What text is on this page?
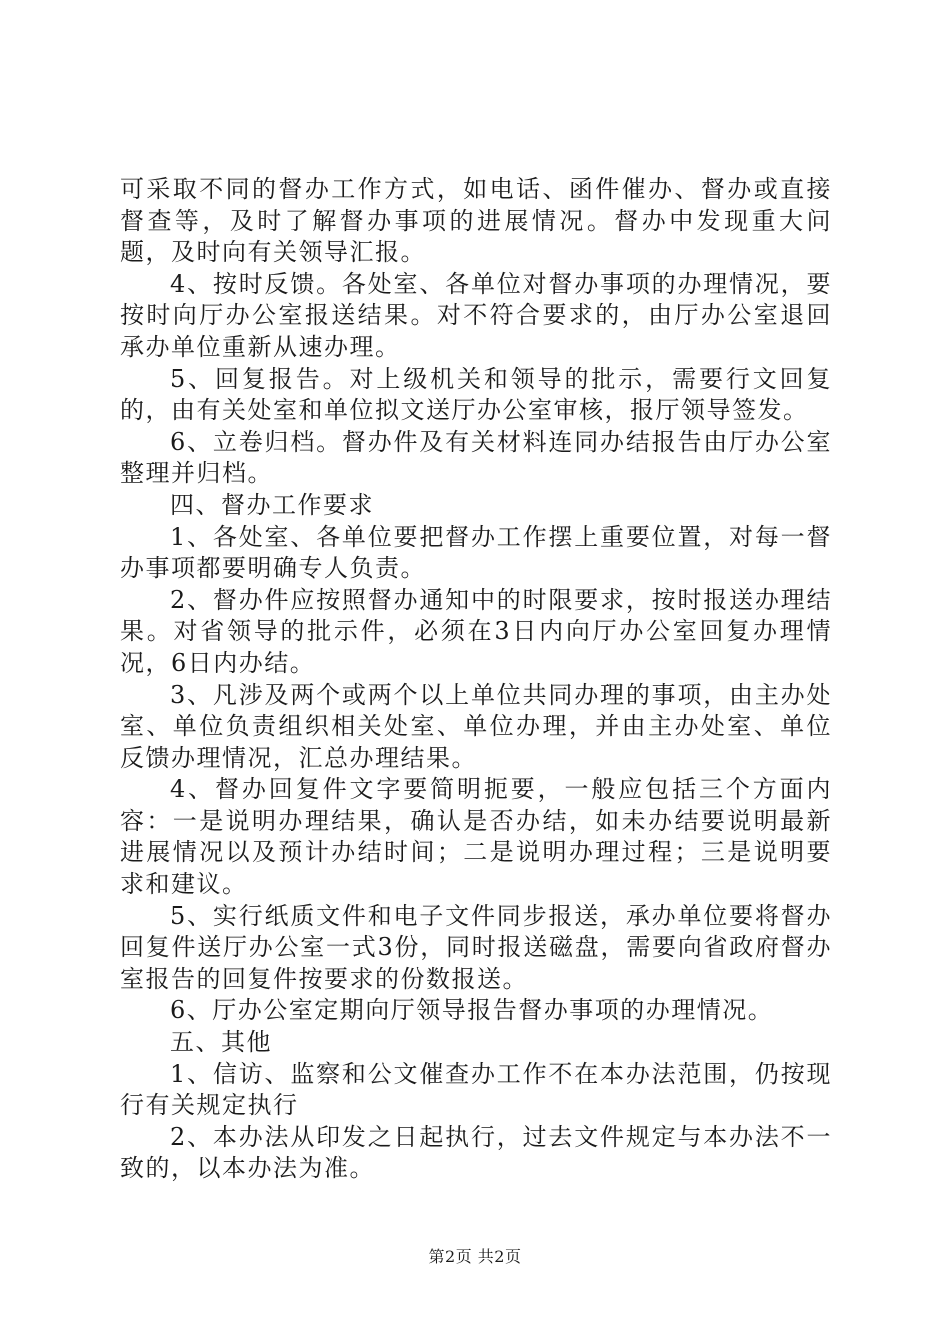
可采取不同的督办工作方式，如电话、函件催办、督办或直接督查等，及时了解督办事项的进展情况。督办中发现重大问题，及时向有关领导汇报。

4、按时反馈。各处室、各单位对督办事项的办理情况，要按时向厅办公室报送结果。对不符合要求的，由厅办公室退回承办单位重新从速办理。

5、回复报告。对上级机关和领导的批示，需要行文回复的，由有关处室和单位拟文送厅办公室审核，报厅领导签发。

6、立卷归档。督办件及有关材料连同办结报告由厅办公室整理并归档。

四、督办工作要求

1、各处室、各单位要把督办工作摆上重要位置，对每一督办事项都要明确专人负责。

2、督办件应按照督办通知中的时限要求，按时报送办理结果。对省领导的批示件，必须在3日内向厅办公室回复办理情况，6日内办结。

3、凡涉及两个或两个以上单位共同办理的事项，由主办处室、单位负责组织相关处室、单位办理，并由主办处室、单位反馈办理情况，汇总办理结果。

4、督办回复件文字要简明扼要，一般应包括三个方面内容：一是说明办理结果，确认是否办结，如未办结要说明最新进展情况以及预计办结时间；二是说明办理过程；三是说明要求和建议。

5、实行纸质文件和电子文件同步报送，承办单位要将督办回复件送厅办公室一式3份，同时报送磁盘，需要向省政府督办室报告的回复件按要求的份数报送。

6、厅办公室定期向厅领导报告督办事项的办理情况。

五、其他

1、信访、监察和公文催查办工作不在本办法范围，仍按现行有关规定执行

2、本办法从印发之日起执行，过去文件规定与本办法不一致的，以本办法为准。

第2页 共2页
